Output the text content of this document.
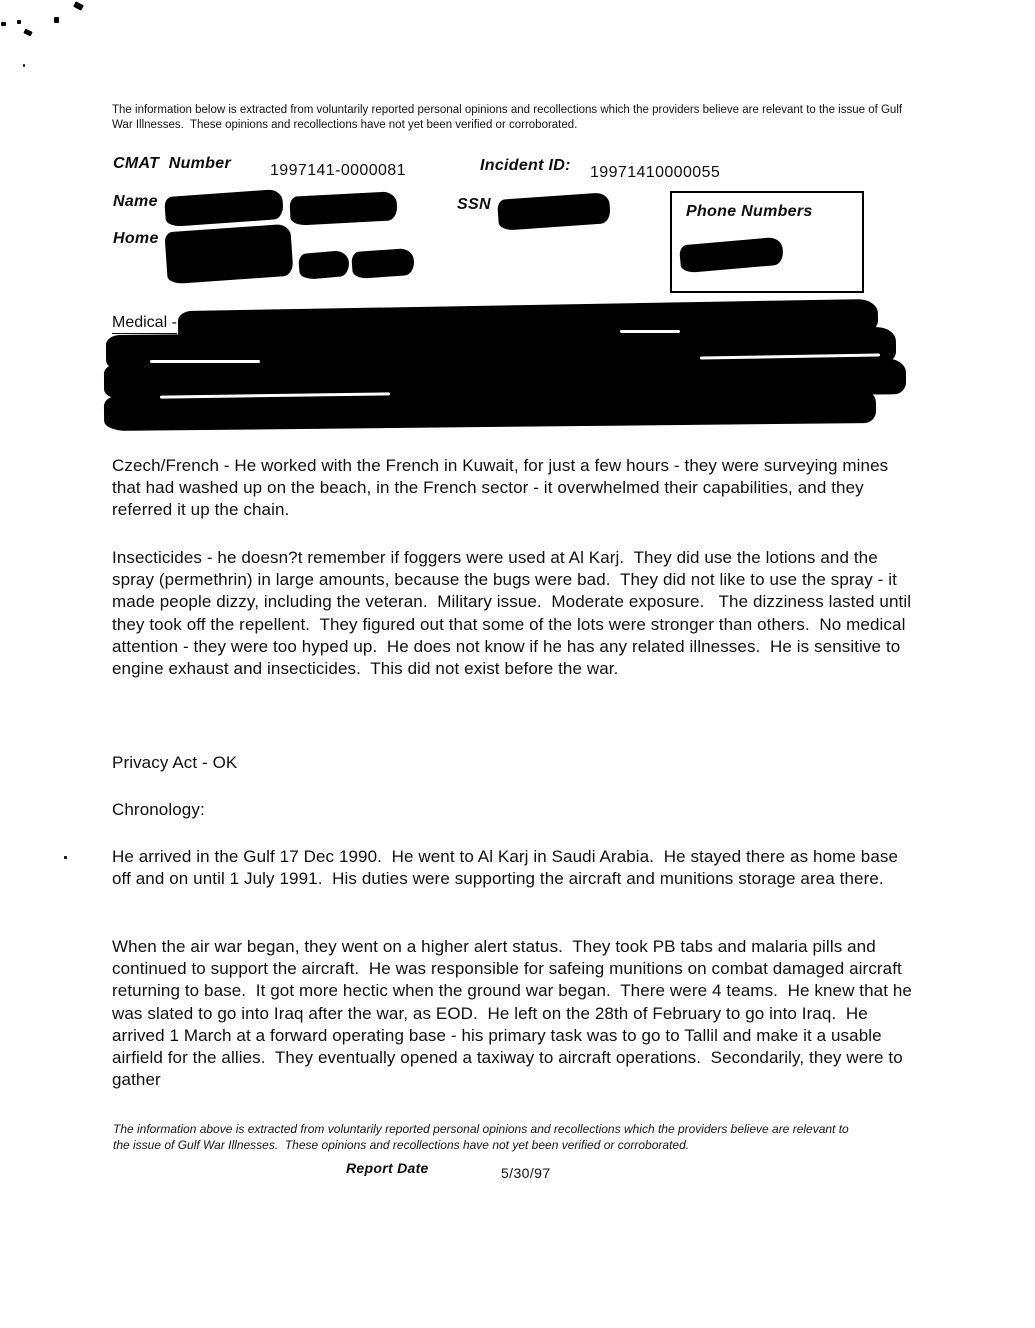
The information below is extracted from voluntarily reported personal opinions and recollections which the providers believe are relevant to the issue of Gulf War Illnesses.  These opinions and recollections have not yet been verified or corroborated.
CMAT  Number 1997141-0000081	Incident ID: 19971410000055
Name	SSN	Phone Numbers
Home
Medical -
Czech/French - He worked with the French in Kuwait, for just a few hours - they were surveying mines that had washed up on the beach, in the French sector - it overwhelmed their capabilities, and they referred it up the chain.
Insecticides - he doesn?t remember if foggers were used at Al Karj.  They did use the lotions and the spray (permethrin) in large amounts, because the bugs were bad.  They did not like to use the spray - it made people dizzy, including the veteran.  Military issue.  Moderate exposure.   The dizziness lasted until they took off the repellent.  They figured out that some of the lots were stronger than others.  No medical attention - they were too hyped up.  He does not know if he has any related illnesses.  He is sensitive to engine exhaust and insecticides.  This did not exist before the war.
Privacy Act - OK
Chronology:
He arrived in the Gulf 17 Dec 1990.  He went to Al Karj in Saudi Arabia.  He stayed there as home base off and on until 1 July 1991.  His duties were supporting the aircraft and munitions storage area there.
When the air war began, they went on a higher alert status.  They took PB tabs and malaria pills and continued to support the aircraft.  He was responsible for safeing munitions on combat damaged aircraft returning to base.  It got more hectic when the ground war began.  There were 4 teams.  He knew that he was slated to go into Iraq after the war, as EOD.  He left on the 28th of February to go into Iraq.  He arrived 1 March at a forward operating base - his primary task was to go to Tallil and make it a usable airfield for the allies.  They eventually opened a taxiway to aircraft operations.  Secondarily, they were to gather
The information above is extracted from voluntarily reported personal opinions and recollections which the providers believe are relevant to the issue of Gulf War Illnesses.  These opinions and recollections have not yet been verified or corroborated.
Report Date	5/30/97
